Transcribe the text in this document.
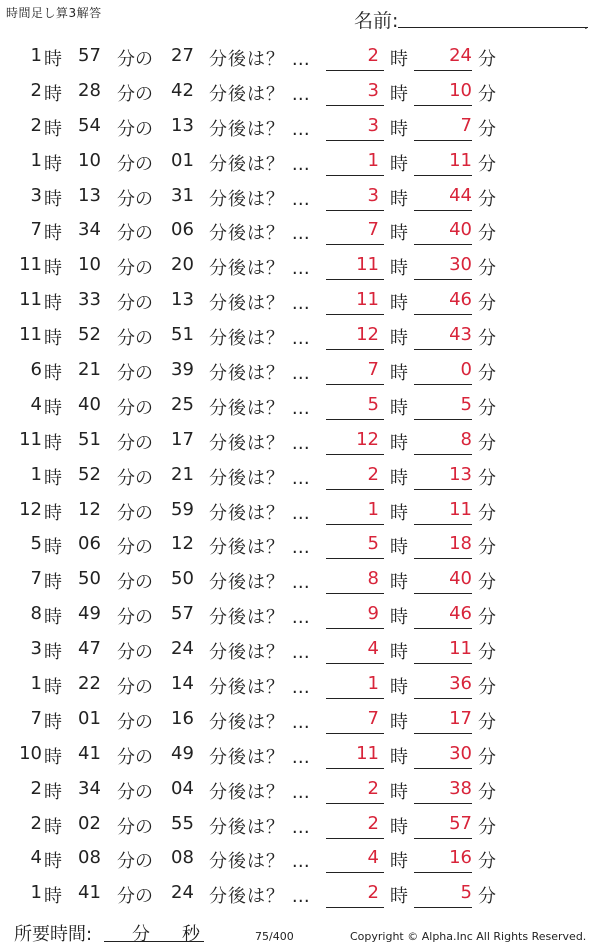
時間足し算3解答	名前:	.
1 時 57 分の 27 分後は？ …	2 時 24 分
2 時 28 分の 42 分後は？ …	3 時 10 分
2 時 54 分の 13 分後は？ …	3 時	7 分
1 時 10 分の 01 分後は？ …	1 時 11 分
3 時 13 分の 31 分後は？ …	3 時 44 分
7 時 34 分の 06 分後は？ …	7 時 40 分
11 時 10 分の 20 分後は？ …	11 時 30 分
11 時 33 分の 13 分後は？ …	11 時 46 分
11 時 52 分の 51 分後は？ …	12 時 43 分
6 時 21 分の 39 分後は？ …	7 時	0 分
4 時 40 分の 25 分後は？ …	5 時	5 分
11 時 51 分の 17 分後は？ …	12 時	8 分
1 時 52 分の 21 分後は？ …	2 時 13 分
12 時 12 分の 59 分後は？ …	1 時 11 分
5 時 06 分の 12 分後は？ …	5 時 18 分
7 時 50 分の 50 分後は？ …	8 時 40 分
8 時 49 分の 57 分後は？ …	9 時 46 分
3 時 47 分の 24 分後は？ …	4 時 11 分
1 時 22 分の 14 分後は？ …	1 時 36 分
7 時 01 分の 16 分後は？ …	7 時 17 分
10 時 41 分の 49 分後は？ …	11 時 30 分
2 時 34 分の 04 分後は？ …	2 時 38 分
2 時 02 分の 55 分後は？ …	2 時 57 分
4 時 08 分の 08 分後は？ …	4 時 16 分
1 時 41 分の 24 分後は？ …	2 時	5 分
所要時間: 分 秒	75/400	Copyright © Alpha.Inc All Rights Reserved.
